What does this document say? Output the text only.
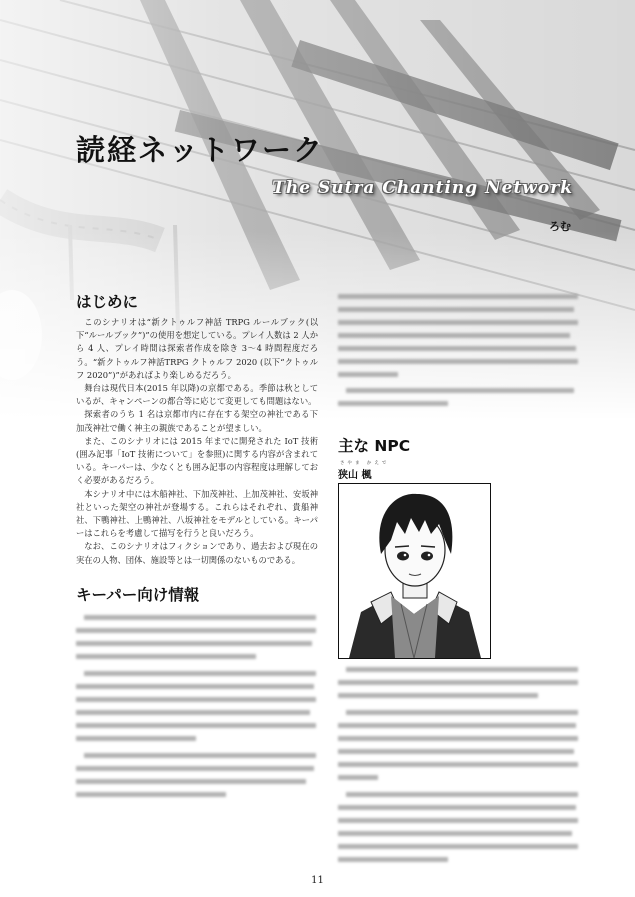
読経ネットワーク
The Sutra Chanting Network
ろむ
はじめに

このシナリオは“新クトゥルフ神話 TRPG ルールブック(以下“ルールブック”)”の使用を想定している。プレイ人数は 2 人から 4 人、プレイ時間は探索者作成を除き 3～4 時間程度だろう。“新クトゥルフ神話TRPG クトゥルフ 2020 (以下“クトゥルフ 2020”)”があればより楽しめるだろう。

舞台は現代日本(2015 年以降)の京都である。季節は秋としているが、キャンペーンの都合等に応じて変更しても問題はない。

探索者のうち 1 名は京都市内に存在する架空の神社である下加茂神社で働く神主の親族であることが望ましい。

また、このシナリオには 2015 年までに開発された IoT 技術(囲み記事「IoT 技術について」を参照)に関する内容が含まれている。キーパーは、少なくとも囲み記事の内容程度は理解しておく必要があるだろう。

本シナリオ中には木船神社、下加茂神社、上加茂神社、安坂神社といった架空の神社が登場する。これらはそれぞれ、貴船神社、下鴨神社、上鴨神社、八坂神社をモデルとしている。キーパーはこれらを考慮して描写を行うと良いだろう。

なお、このシナリオはフィクションであり、過去および現在の実在の人物、団体、施設等とは一切関係のないものである。

キーパー向け情報
主な NPC
さやま かえで
狭山 楓
11
